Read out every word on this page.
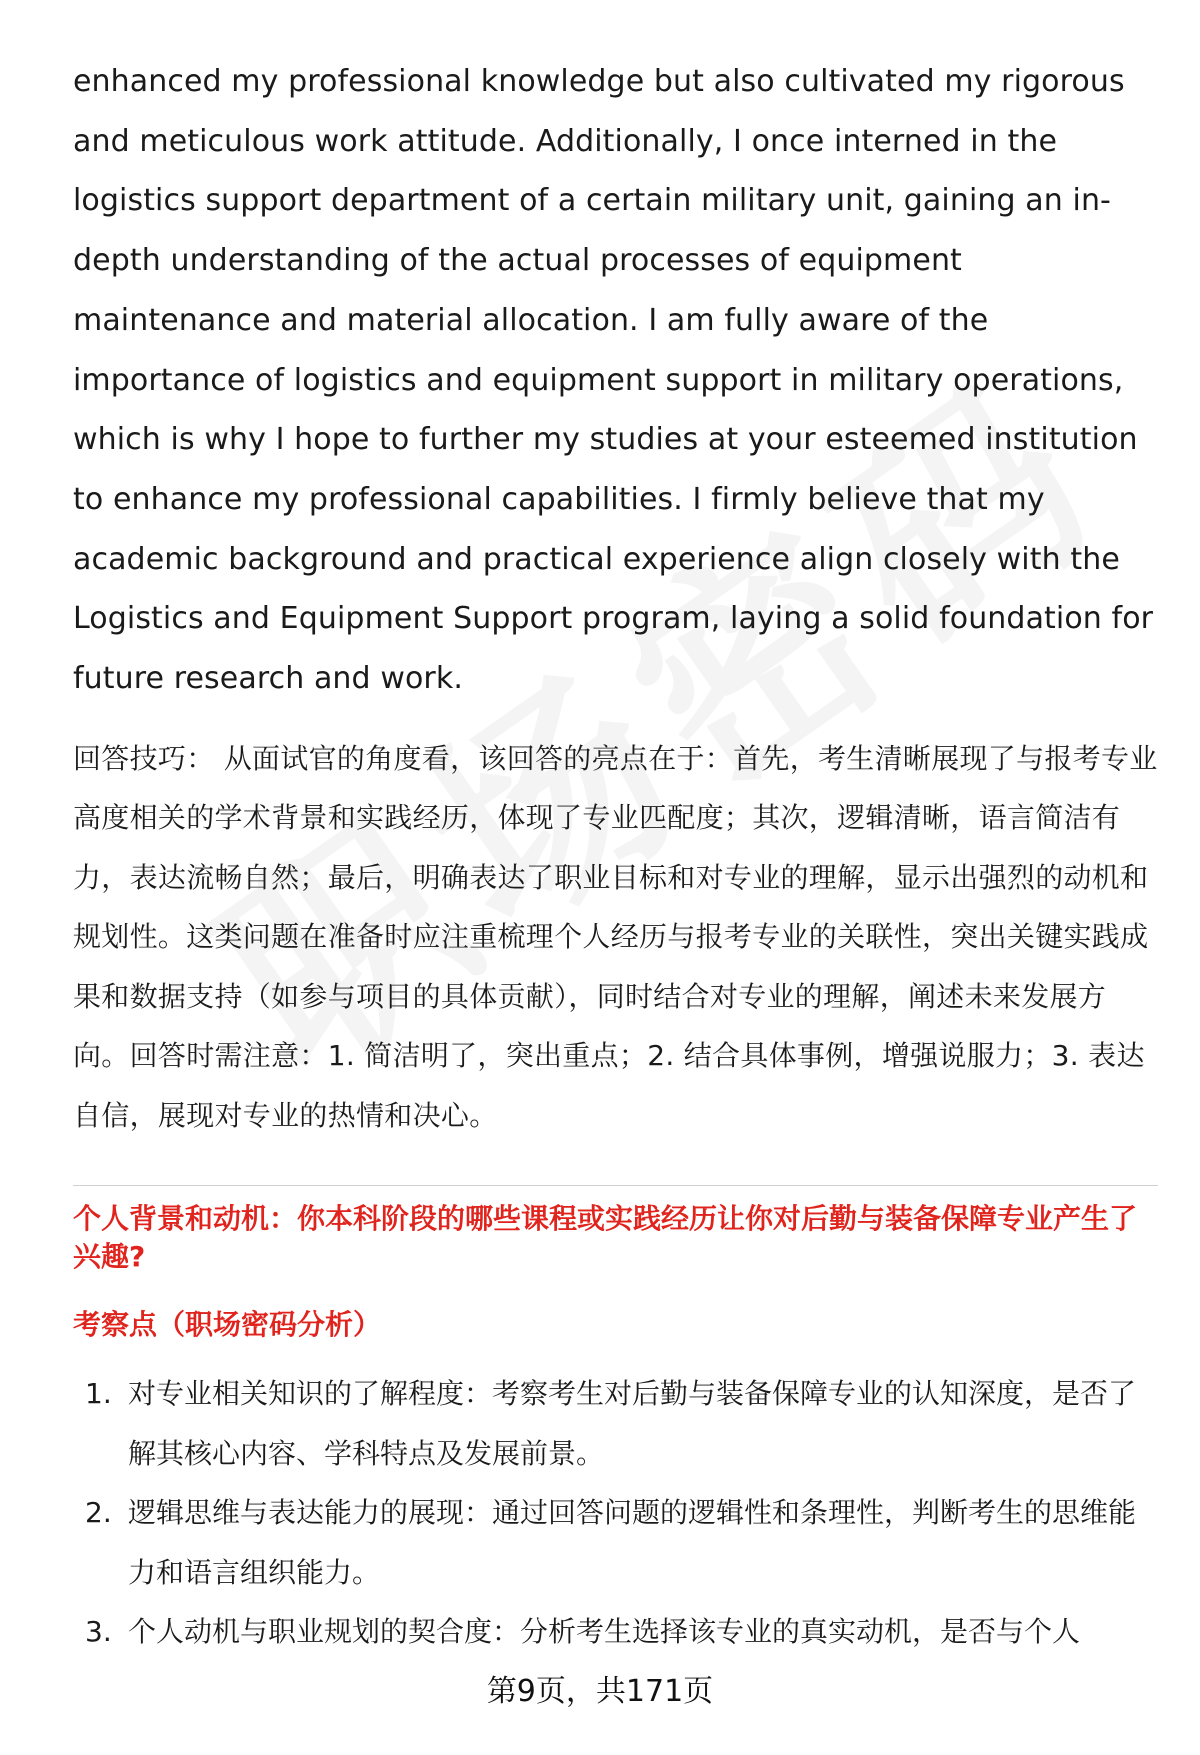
enhanced my professional knowledge but also cultivated my rigorous and meticulous work attitude. Additionally, I once interned in the logistics support department of a certain military unit, gaining an in-depth understanding of the actual processes of equipment maintenance and material allocation. I am fully aware of the importance of logistics and equipment support in military operations, which is why I hope to further my studies at your esteemed institution to enhance my professional capabilities. I firmly believe that my academic background and practical experience align closely with the Logistics and Equipment Support program, laying a solid foundation for future research and work.

回答技巧： 从面试官的角度看，该回答的亮点在于：首先，考生清晰展现了与报考专业高度相关的学术背景和实践经历，体现了专业匹配度；其次，逻辑清晰，语言简洁有力，表达流畅自然；最后，明确表达了职业目标和对专业的理解，显示出强烈的动机和规划性。这类问题在准备时应注重梳理个人经历与报考专业的关联性，突出关键实践成果和数据支持（如参与项目的具体贡献），同时结合对专业的理解，阐述未来发展方向。回答时需注意：1. 简洁明了，突出重点；2. 结合具体事例，增强说服力；3. 表达自信，展现对专业的热情和决心。

个人背景和动机：你本科阶段的哪些课程或实践经历让你对后勤与装备保障专业产生了兴趣?
考察点（职场密码分析）
1. 对专业相关知识的了解程度：考察考生对后勤与装备保障专业的认知深度，是否了解其核心内容、学科特点及发展前景。
2. 逻辑思维与表达能力的展现：通过回答问题的逻辑性和条理性，判断考生的思维能力和语言组织能力。
3. 个人动机与职业规划的契合度：分析考生选择该专业的真实动机，是否与个人
第9页，共171页
